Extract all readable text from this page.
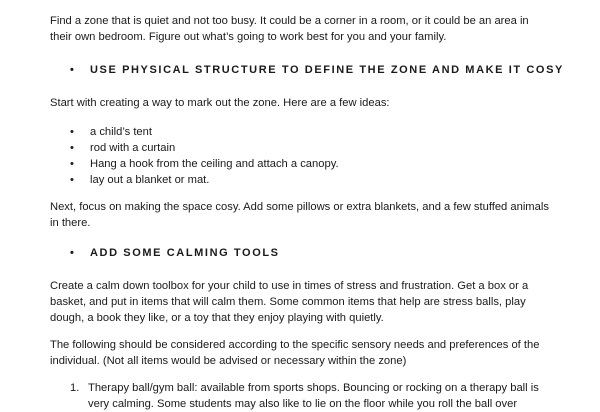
Find a zone that is quiet and not too busy. It could be a corner in a room, or it could be an area in
their own bedroom. Figure out what’s going to work best for you and your family.
• USE PHYSICAL STRUCTURE TO DEFINE THE ZONE AND MAKE IT COSY
Start with creating a way to mark out the zone. Here are a few ideas:
• a child’s tent
• rod with a curtain
• Hang a hook from the ceiling and attach a canopy.
• lay out a blanket or mat.
Next, focus on making the space cosy. Add some pillows or extra blankets, and a few stuffed animals
in there.
• ADD SOME CALMING TOOLS
Create a calm down toolbox for your child to use in times of stress and frustration. Get a box or a
basket, and put in items that will calm them. Some common items that help are stress balls, play
dough, a book they like, or a toy that they enjoy playing with quietly.
The following should be considered according to the specific sensory needs and preferences of the
individual. (Not all items would be advised or necessary within the zone)
1. Therapy ball/gym ball: available from sports shops. Bouncing or rocking on a therapy ball is
very calming. Some students may also like to lie on the floor while you roll the ball over
